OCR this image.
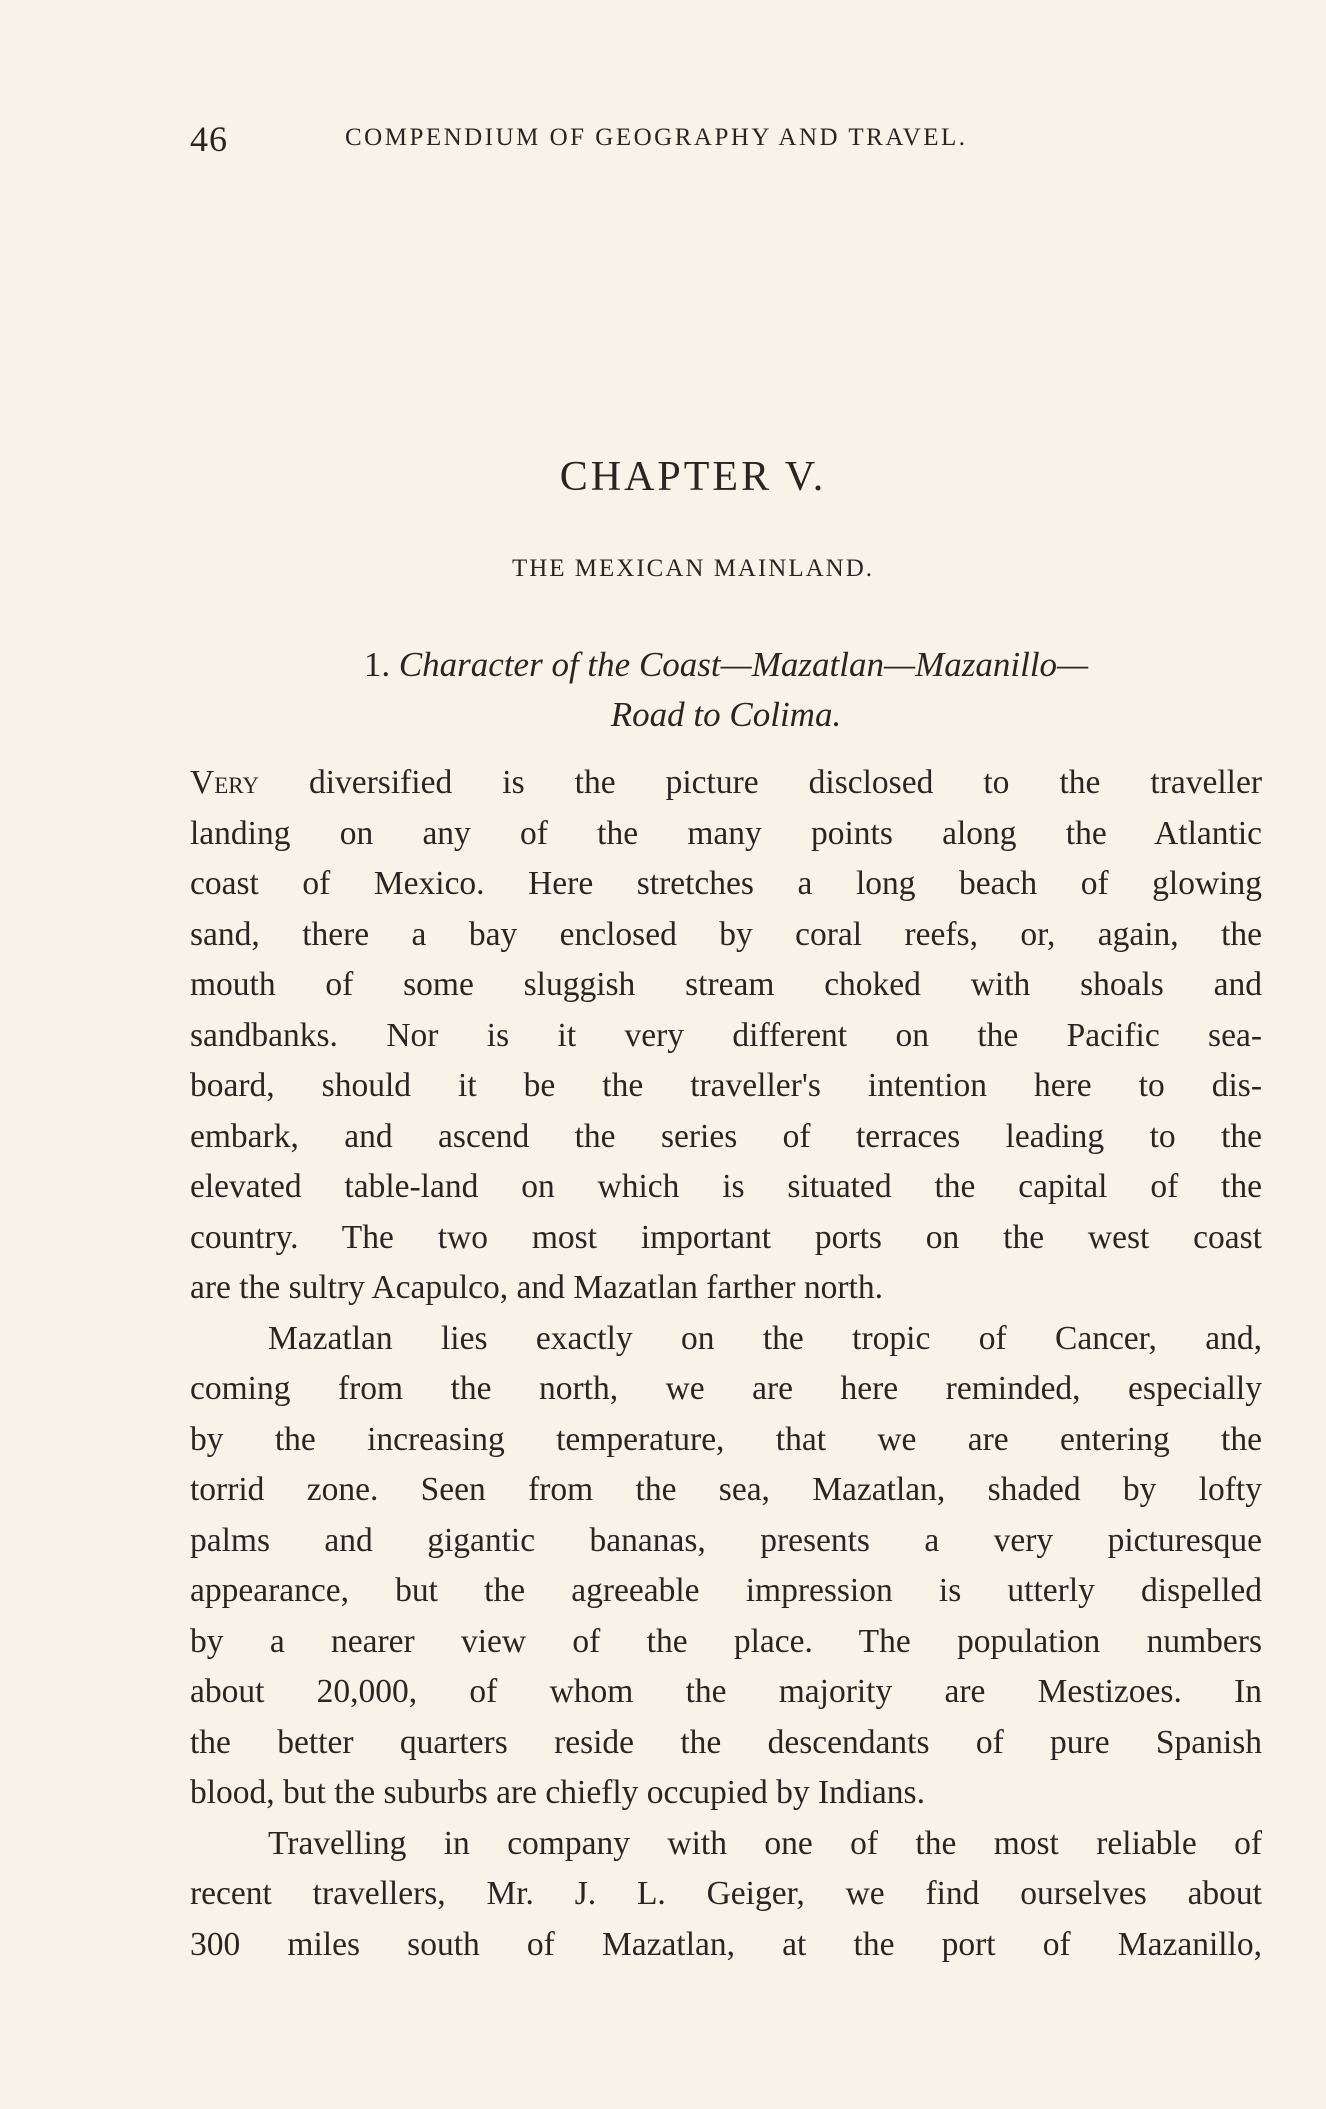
46	COMPENDIUM OF GEOGRAPHY AND TRAVEL.
CHAPTER V.
THE MEXICAN MAINLAND.
1. Character of the Coast—Mazatlan—Mazanillo—
Road to Colima.
Very diversified is the picture disclosed to the traveller
landing on any of the many points along the Atlantic
coast of Mexico. Here stretches a long beach of glowing
sand, there a bay enclosed by coral reefs, or, again, the
mouth of some sluggish stream choked with shoals and
sandbanks. Nor is it very different on the Pacific sea-
board, should it be the traveller's intention here to dis-
embark, and ascend the series of terraces leading to the
elevated table-land on which is situated the capital of the
country. The two most important ports on the west coast
are the sultry Acapulco, and Mazatlan farther north.
Mazatlan lies exactly on the tropic of Cancer, and,
coming from the north, we are here reminded, especially
by the increasing temperature, that we are entering the
torrid zone. Seen from the sea, Mazatlan, shaded by lofty
palms and gigantic bananas, presents a very picturesque
appearance, but the agreeable impression is utterly dispelled
by a nearer view of the place. The population numbers
about 20,000, of whom the majority are Mestizoes. In
the better quarters reside the descendants of pure Spanish
blood, but the suburbs are chiefly occupied by Indians.
Travelling in company with one of the most reliable of
recent travellers, Mr. J. L. Geiger, we find ourselves about
300 miles south of Mazatlan, at the port of Mazanillo,
